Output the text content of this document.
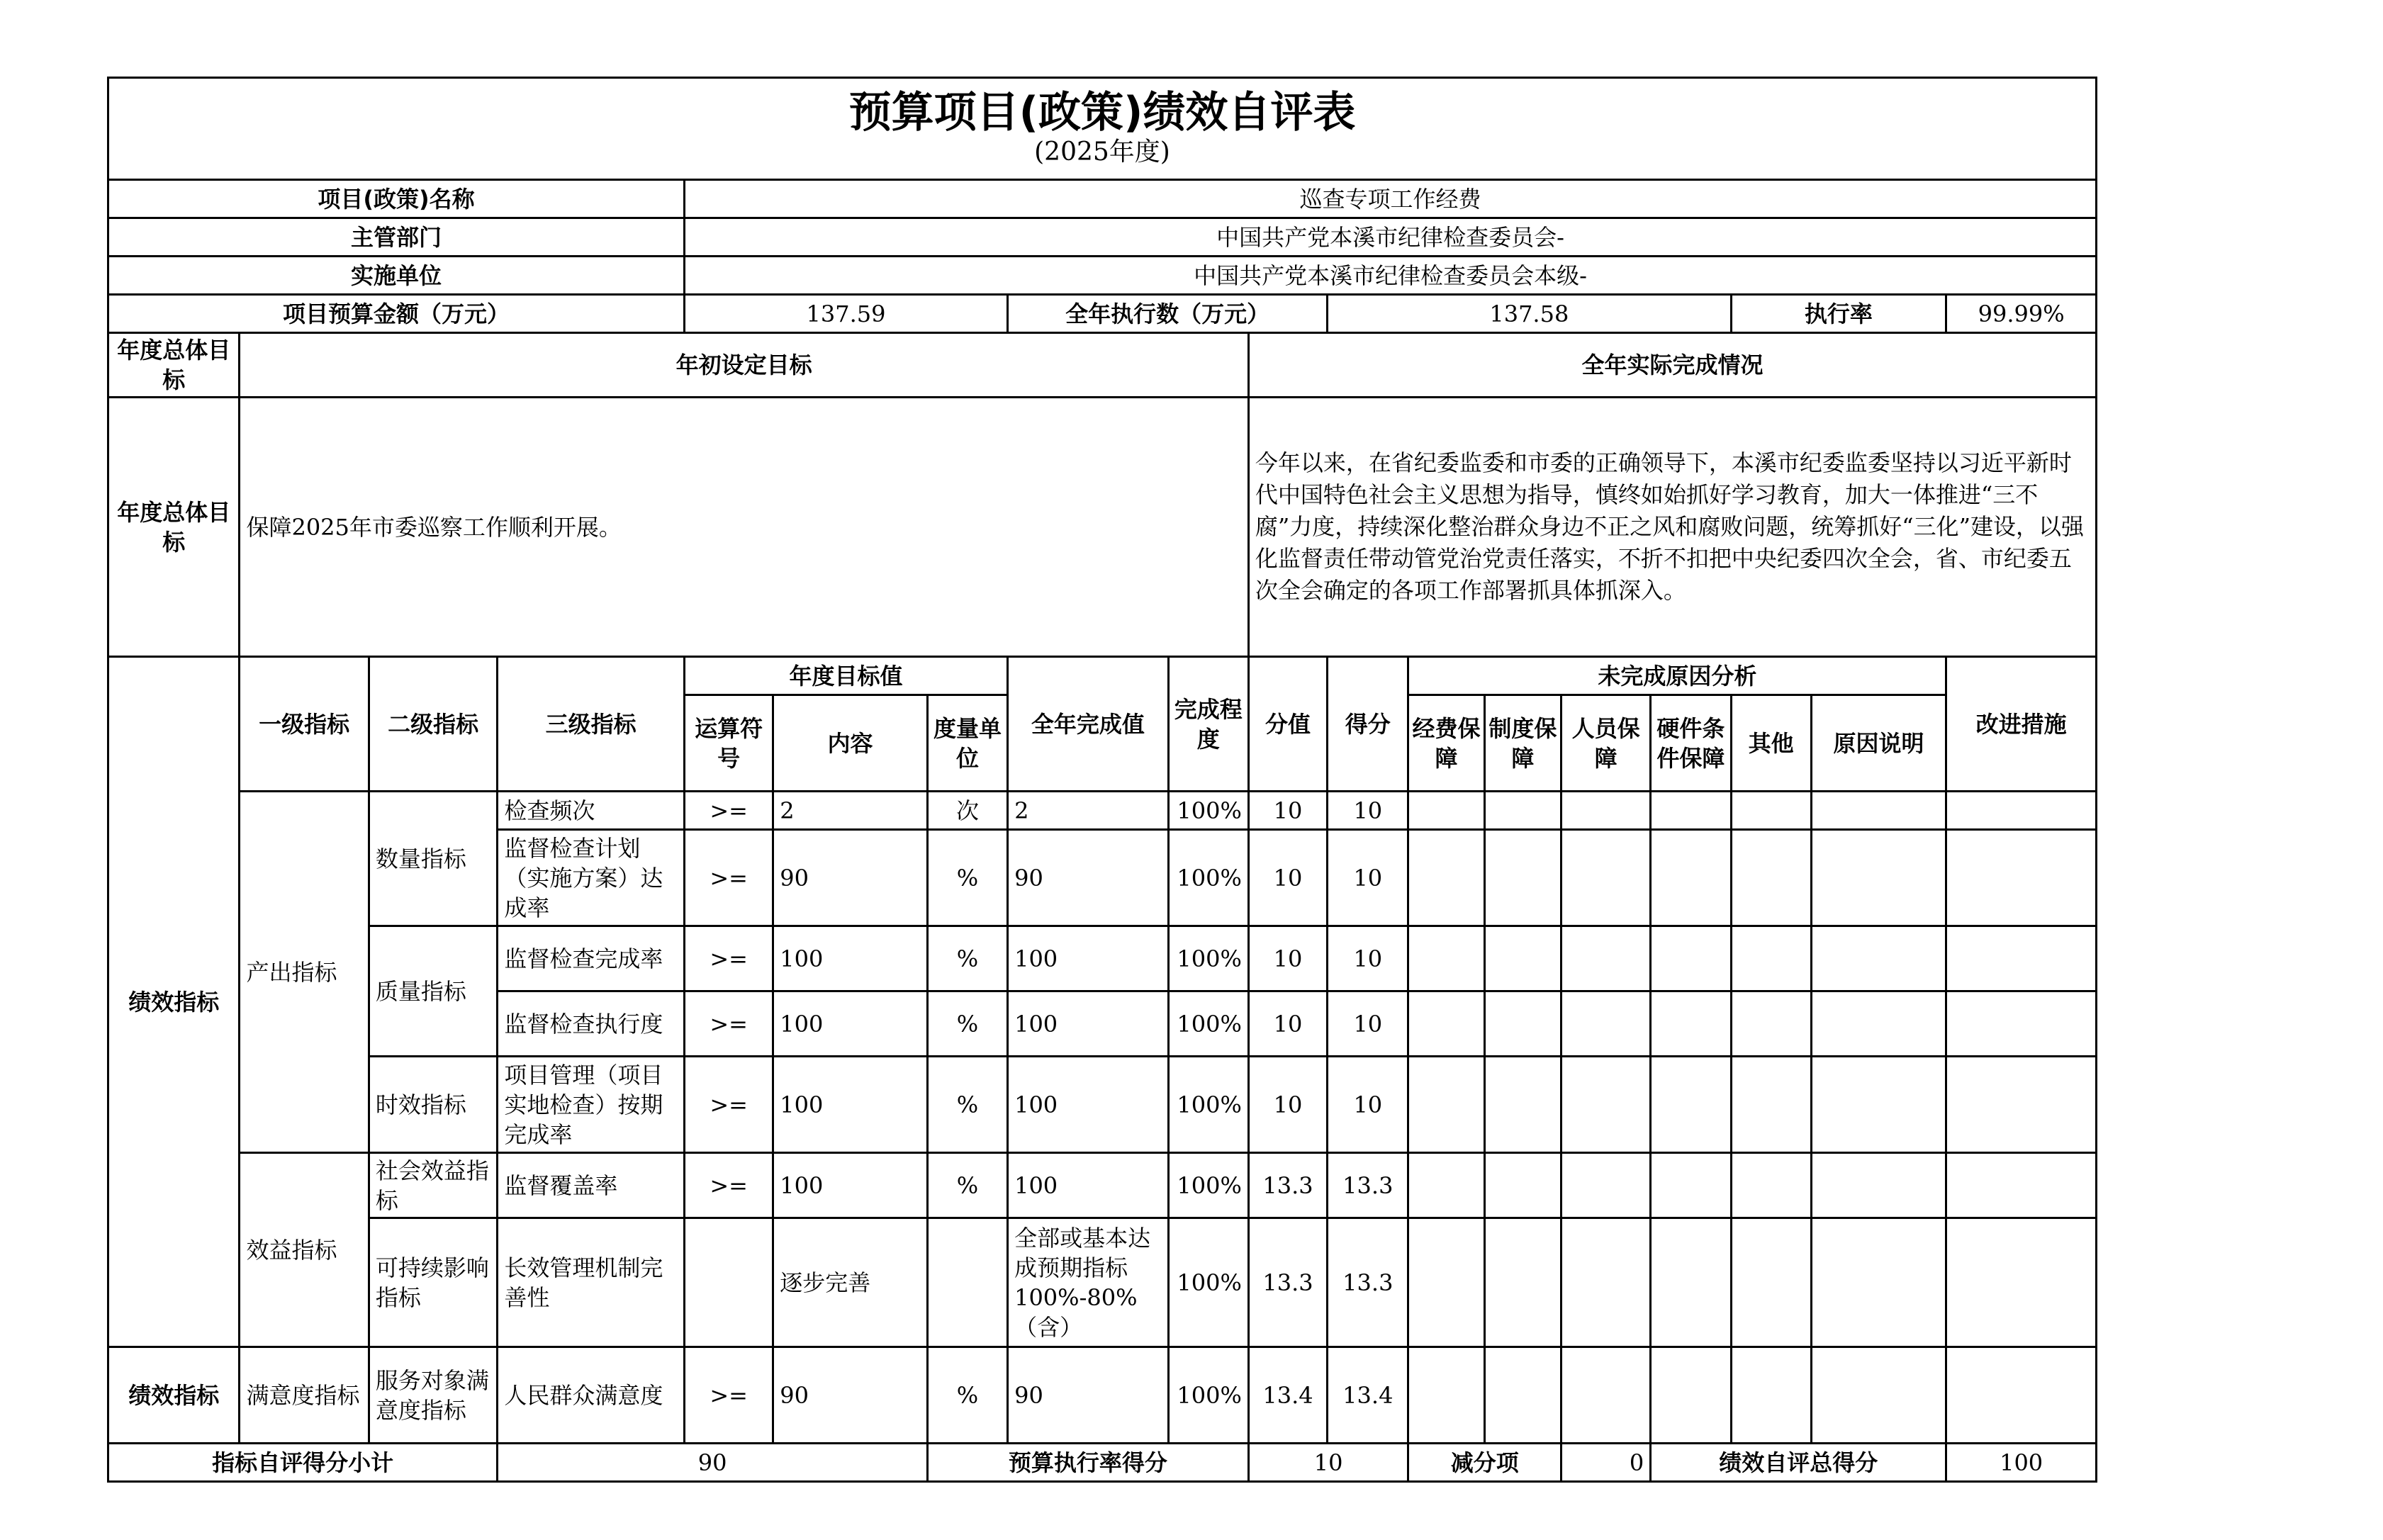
预算项目(政策)绩效自评表
(2025年度)
项目(政策)名称				巡查专项工作经费													
主管部门				中国共产党本溪市纪律检查委员会-													
实施单位				中国共产党本溪市纪律检查委员会本级-													
项目预算金额（万元）				137.59			全年执行数（万元）			137.58					执行率		99.99%
年度总体目标	年初设定目标								全年实际完成情况								
年度总体目标	保障2025年市委巡察工作顺利开展。								今年以来，在省纪委监委和市委的正确领导下，本溪市纪委监委坚持以习近平新时代中国特色社会主义思想为指导，慎终如始抓好学习教育，加大一体推进“三不腐”力度，持续深化整治群众身边不正之风和腐败问题，统筹抓好“三化”建设，以强化监督责任带动管党治党责任落实，不折不扣把中央纪委四次全会，省、市纪委五次全会确定的各项工作部署抓具体抓深入。								
绩效指标	一级指标	二级指标	三级指标	年度目标值			全年完成值	完成程度	分值	得分	未完成原因分析						改进措施
				运算符号	内容	度量单位					经费保障	制度保障	人员保障	硬件条件保障	其他	原因说明	
	产出指标	数量指标	检查频次	>=	2	次	2	100%	10	10							
			监督检查计划（实施方案）达成率	>=	90	%	90	100%	10	10							
		质量指标	监督检查完成率	>=	100	%	100	100%	10	10							
			监督检查执行度	>=	100	%	100	100%	10	10							
		时效指标	项目管理（项目实地检查）按期完成率	>=	100	%	100	100%	10	10							
	效益指标	社会效益指标	监督覆盖率	>=	100	%	100	100%	13.3	13.3							
		可持续影响指标	长效管理机制完善性		逐步完善		全部或基本达成预期指标100%-80%（含）	100%	13.3	13.3							
绩效指标	满意度指标	服务对象满意度指标	人民群众满意度	>=	90	%	90	100%	13.4	13.4							
指标自评得分小计			90			预算执行率得分			10		减分项		0	绩效自评总得分			100
